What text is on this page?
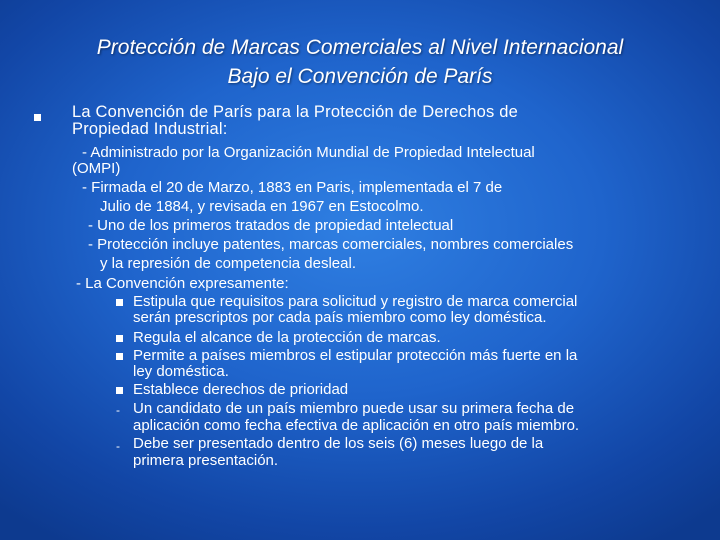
Protección de Marcas Comerciales al Nivel Internacional
Bajo el Convención de París
La Convención de París para la Protección de Derechos de
Propiedad Industrial:
- Administrado por la Organización Mundial de Propiedad Intelectual
(OMPI)
- Firmada el 20 de Marzo, 1883 en Paris, implementada el 7 de
Julio de 1884, y revisada en 1967 en Estocolmo.
- Uno de los primeros tratados de propiedad intelectual
- Protección incluye patentes, marcas comerciales, nombres comerciales
y la represión de competencia desleal.
- La Convención expresamente:
Estipula que requisitos para solicitud y registro de marca comercial
serán prescriptos por cada país miembro como ley doméstica.
Regula el alcance de la protección de marcas.
Permite a países miembros el estipular protección más fuerte en la
ley doméstica.
Establece derechos de prioridad
- Un candidato de un país miembro puede usar su primera fecha de
aplicación como fecha efectiva de aplicación en otro país miembro.
- Debe ser presentado dentro de los seis (6) meses luego de la
primera presentación.
